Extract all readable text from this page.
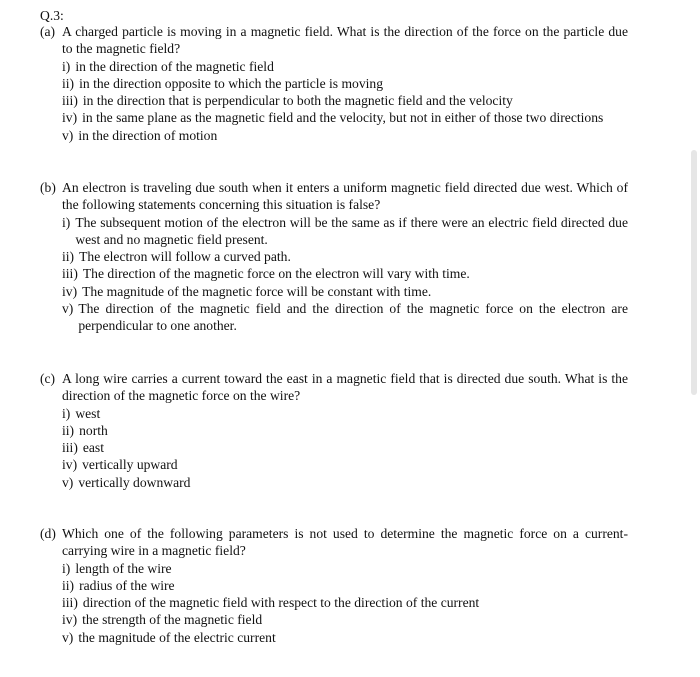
Q.3:
(a) A charged particle is moving in a magnetic field. What is the direction of the force on the particle due to the magnetic field?
i) in the direction of the magnetic field
ii) in the direction opposite to which the particle is moving
iii) in the direction that is perpendicular to both the magnetic field and the velocity
iv) in the same plane as the magnetic field and the velocity, but not in either of those two directions
v) in the direction of motion
(b) An electron is traveling due south when it enters a uniform magnetic field directed due west. Which of the following statements concerning this situation is false?
i) The subsequent motion of the electron will be the same as if there were an electric field directed due west and no magnetic field present.
ii) The electron will follow a curved path.
iii) The direction of the magnetic force on the electron will vary with time.
iv) The magnitude of the magnetic force will be constant with time.
v) The direction of the magnetic field and the direction of the magnetic force on the electron are perpendicular to one another.
(c) A long wire carries a current toward the east in a magnetic field that is directed due south. What is the direction of the magnetic force on the wire?
i) west
ii) north
iii) east
iv) vertically upward
v) vertically downward
(d) Which one of the following parameters is not used to determine the magnetic force on a current-carrying wire in a magnetic field?
i) length of the wire
ii) radius of the wire
iii) direction of the magnetic field with respect to the direction of the current
iv) the strength of the magnetic field
v) the magnitude of the electric current
